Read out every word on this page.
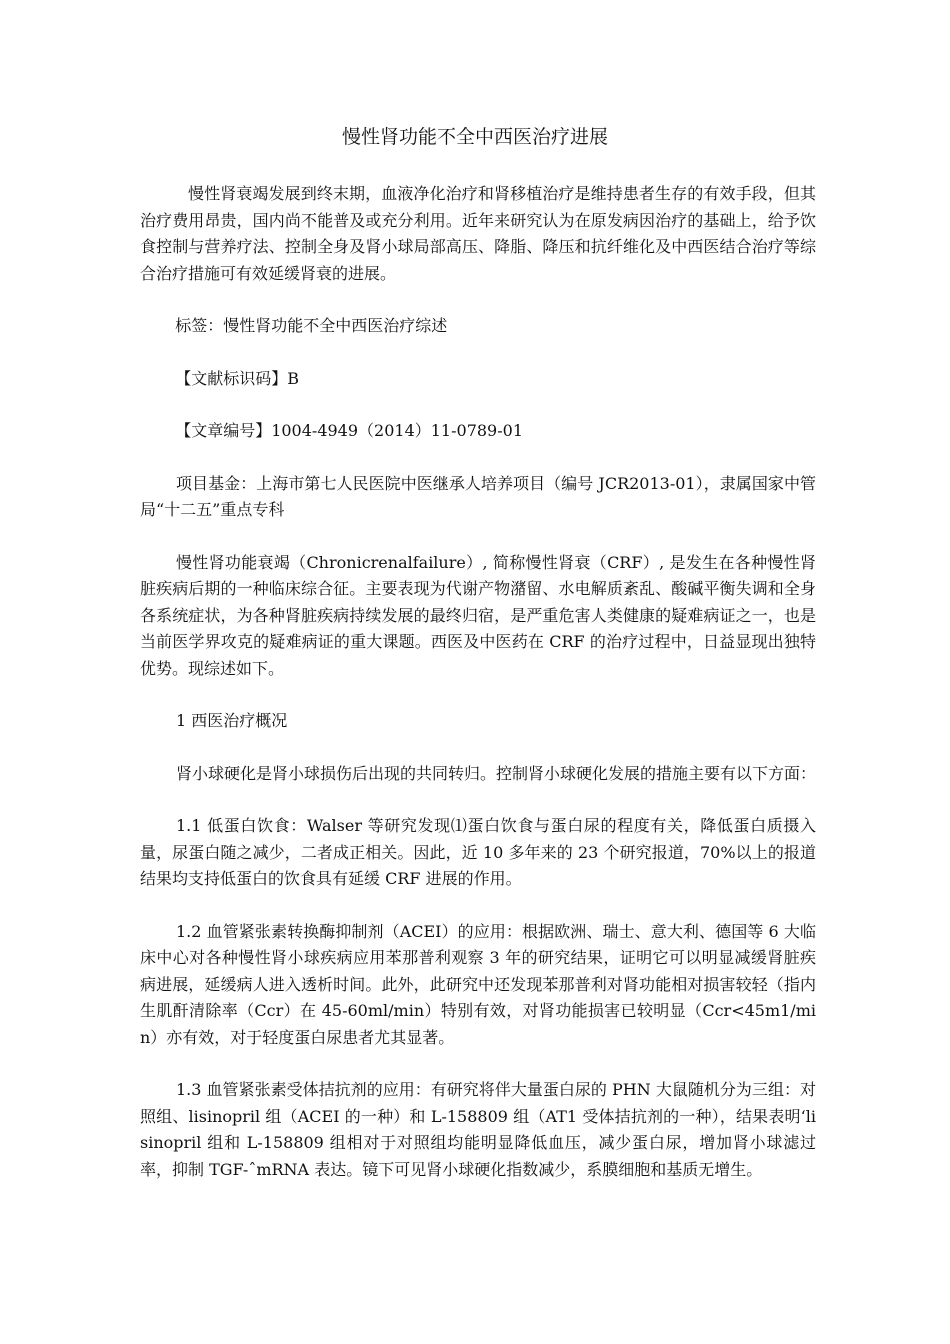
慢性肾功能不全中西医治疗进展

慢性肾衰竭发展到终末期，血液净化治疗和肾移植治疗是维持患者生存的有效手段，但其治疗费用昂贵，国内尚不能普及或充分利用。近年来研究认为在原发病因治疗的基础上，给予饮食控制与营养疗法、控制全身及肾小球局部高压、降脂、降压和抗纤维化及中西医结合治疗等综合治疗措施可有效延缓肾衰的进展。

标签：慢性肾功能不全中西医治疗综述

【文献标识码】B

【文章编号】1004-4949（2014）11-0789-01

项目基金：上海市第七人民医院中医继承人培养项目（编号 JCR2013-01），隶属国家中管局“十二五”重点专科

慢性肾功能衰竭（Chronicrenalfailure）, 简称慢性肾衰（CRF）, 是发生在各种慢性肾脏疾病后期的一种临床综合征。主要表现为代谢产物潴留、水电解质紊乱、酸碱平衡失调和全身各系统症状，为各种肾脏疾病持续发展的最终归宿，是严重危害人类健康的疑难病证之一，也是当前医学界攻克的疑难病证的重大课题。西医及中医药在 CRF 的治疗过程中，日益显现出独特优势。现综述如下。

1 西医治疗概况

肾小球硬化是肾小球损伤后出现的共同转归。控制肾小球硬化发展的措施主要有以下方面：

1.1 低蛋白饮食：Walser 等研究发现⑴蛋白饮食与蛋白尿的程度有关，降低蛋白质摄入量，尿蛋白随之减少，二者成正相关。因此，近 10 多年来的 23 个研究报道，70%以上的报道结果均支持低蛋白的饮食具有延缓 CRF 进展的作用。

1.2 血管紧张素转换酶抑制剂（ACEI）的应用：根据欧洲、瑞士、意大利、德国等 6 大临床中心对各种慢性肾小球疾病应用苯那普利观察 3 年的研究结果，证明它可以明显减缓肾脏疾病进展，延缓病人进入透析时间。此外，此研究中还发现苯那普利对肾功能相对损害较轻（指内生肌酐清除率（Ccr）在 45-60ml/min）特别有效，对肾功能损害已较明显（Ccr<45m1/min）亦有效，对于轻度蛋白尿患者尤其显著。

1.3 血管紧张素受体拮抗剂的应用：有研究将伴大量蛋白尿的 PHN 大鼠随机分为三组：对照组、lisinopril 组（ACEI 的一种）和 L-158809 组（AT1 受体拮抗剂的一种），结果表明‘lisinopril 组和 L-158809 组相对于对照组均能明显降低血压，减少蛋白尿，增加肾小球滤过率，抑制 TGF-ˆmRNA 表达。镜下可见肾小球硬化指数减少，系膜细胞和基质无增生。
